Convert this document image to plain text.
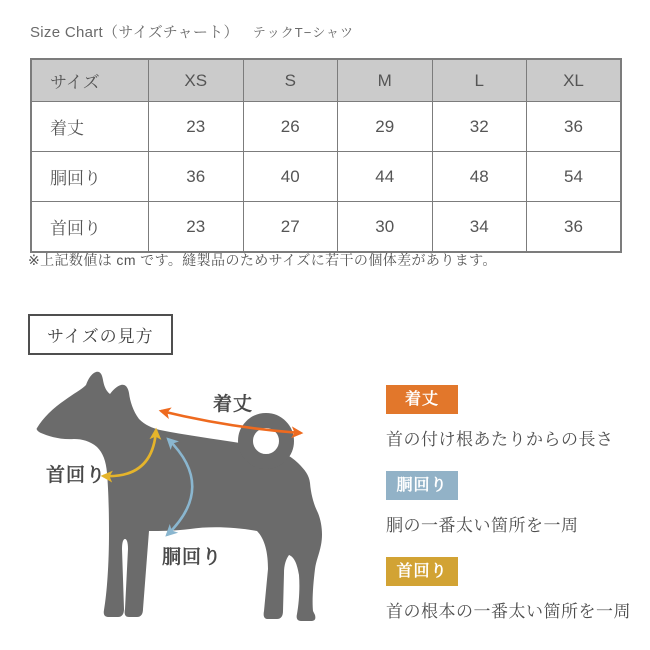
Size Chart（サイズチャート） テックT−シャツ
サイズ	XS	S	M	L	XL
着丈	23	26	29	32	36
胴回り	36	40	44	48	54
首回り	23	27	30	34	36
※上記数値は cm です。縫製品のためサイズに若干の個体差があります。
サイズの見方
着丈
首回り
胴回り
着丈
首の付け根あたりからの長さ
胴回り
胴の一番太い箇所を一周
首回り
首の根本の一番太い箇所を一周
